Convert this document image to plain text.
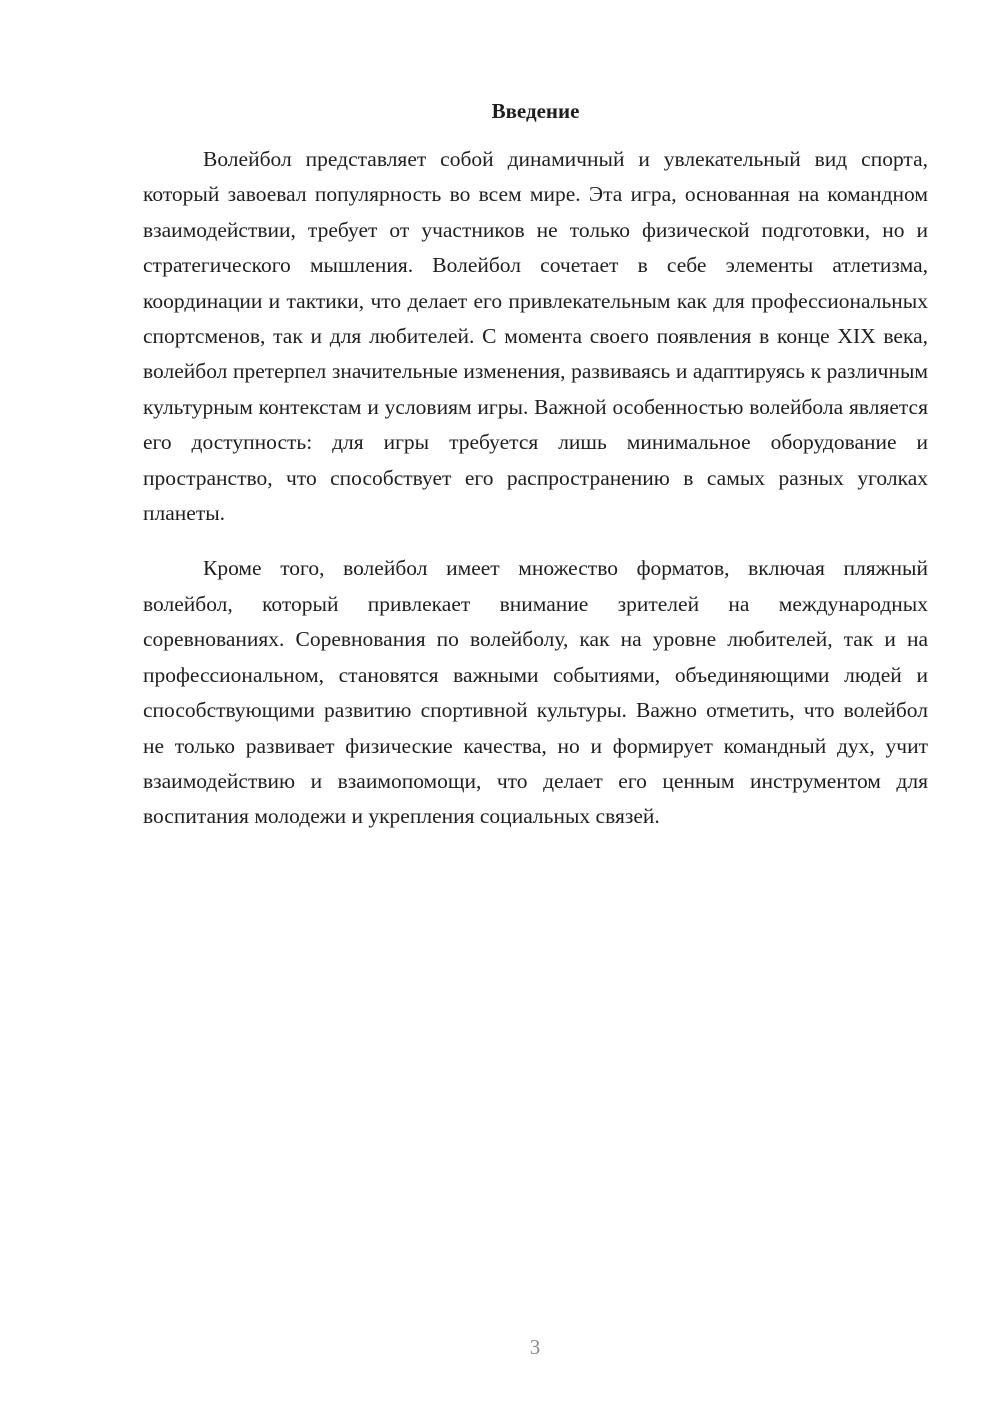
Введение

Волейбол представляет собой динамичный и увлекательный вид спорта, который завоевал популярность во всем мире. Эта игра, основанная на командном взаимодействии, требует от участников не только физической подготовки, но и стратегического мышления. Волейбол сочетает в себе элементы атлетизма, координации и тактики, что делает его привлекательным как для профессиональных спортсменов, так и для любителей. С момента своего появления в конце XIX века, волейбол претерпел значительные изменения, развиваясь и адаптируясь к различным культурным контекстам и условиям игры. Важной особенностью волейбола является его доступность: для игры требуется лишь минимальное оборудование и пространство, что способствует его распространению в самых разных уголках планеты.

Кроме того, волейбол имеет множество форматов, включая пляжный волейбол, который привлекает внимание зрителей на международных соревнованиях. Соревнования по волейболу, как на уровне любителей, так и на профессиональном, становятся важными событиями, объединяющими людей и способствующими развитию спортивной культуры. Важно отметить, что волейбол не только развивает физические качества, но и формирует командный дух, учит взаимодействию и взаимопомощи, что делает его ценным инструментом для воспитания молодежи и укрепления социальных связей.

3
